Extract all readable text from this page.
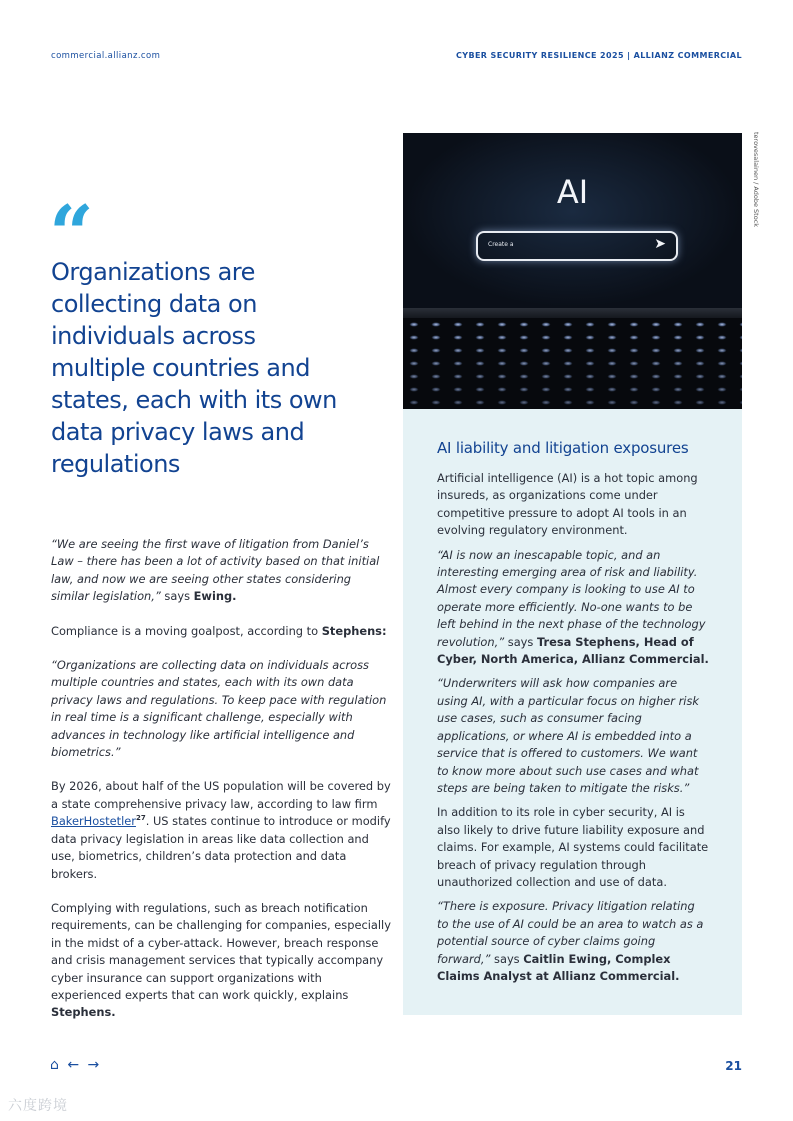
commercial.allianz.com	CYBER SECURITY RESILIENCE 2025 | ALLIANZ COMMERCIAL
“
Organizations are collecting data on individuals across multiple countries and states, each with its own data privacy laws and regulations

“We are seeing the first wave of litigation from Daniel’s Law – there has been a lot of activity based on that initial law, and now we are seeing other states considering similar legislation,” says Ewing.

Compliance is a moving goalpost, according to Stephens:

“Organizations are collecting data on individuals across multiple countries and states, each with its own data privacy laws and regulations. To keep pace with regulation in real time is a significant challenge, especially with advances in technology like artificial intelligence and biometrics.”

By 2026, about half of the US population will be covered by a state comprehensive privacy law, according to law firm BakerHostetler$^{27}$. US states continue to introduce or modify data privacy legislation in areas like data collection and use, biometrics, children’s data protection and data brokers.

Complying with regulations, such as breach notification requirements, can be challenging for companies, especially in the midst of a cyber-attack. However, breach response and crisis management services that typically accompany cyber insurance can support organizations with experienced experts that can work quickly, explains Stephens.

AI
Create a	➤
terovesalainen / Adobe Stock
AI liability and litigation exposures

Artificial intelligence (AI) is a hot topic among insureds, as organizations come under competitive pressure to adopt AI tools in an evolving regulatory environment.

“AI is now an inescapable topic, and an interesting emerging area of risk and liability. Almost every company is looking to use AI to operate more efficiently. No-one wants to be left behind in the next phase of the technology revolution,” says Tresa Stephens, Head of Cyber, North America, Allianz Commercial.

“Underwriters will ask how companies are using AI, with a particular focus on higher risk use cases, such as consumer facing applications, or where AI is embedded into a service that is offered to customers. We want to know more about such use cases and what steps are being taken to mitigate the risks.”

In addition to its role in cyber security, AI is also likely to drive future liability exposure and claims. For example, AI systems could facilitate breach of privacy regulation through unauthorized collection and use of data.

“There is exposure. Privacy litigation relating to the use of AI could be an area to watch as a potential source of cyber claims going forward,” says Caitlin Ewing, Complex Claims Analyst at Allianz Commercial.

⌂ ← →	21
六度跨境
